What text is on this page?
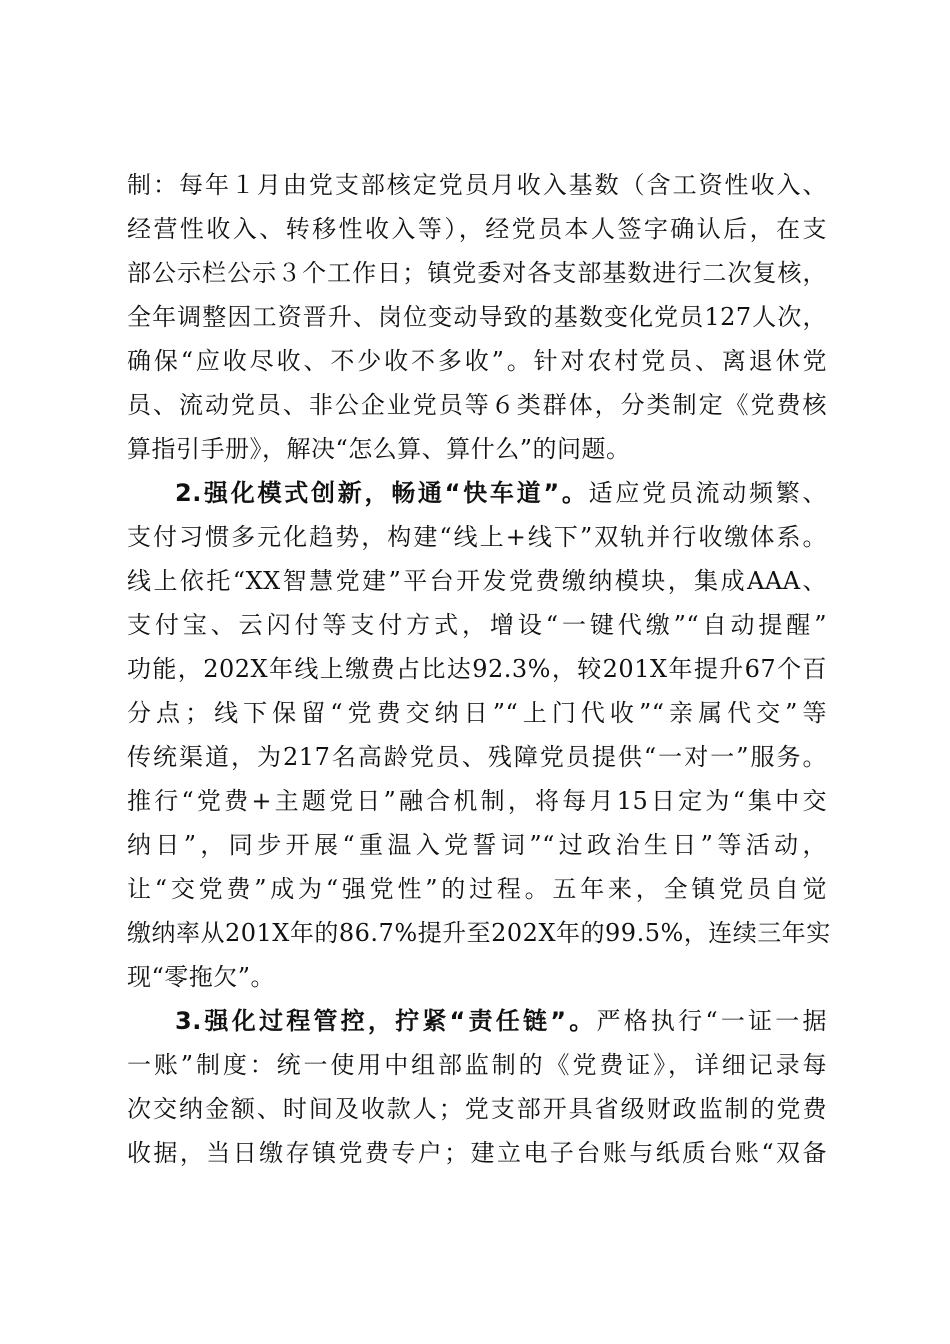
制：每年１月由党支部核定党员月收入基数（含工资性收入、
经营性收入、转移性收入等），经党员本人签字确认后，在支
部公示栏公示３个工作日；镇党委对各支部基数进行二次复核，
全年调整因工资晋升、岗位变动导致的基数变化党员127人次，
确保“应收尽收、不少收不多收”。针对农村党员、离退休党
员、流动党员、非公企业党员等６类群体，分类制定《党费核
算指引手册》，解决“怎么算、算什么”的问题。
2.强化模式创新，畅通“快车道”。适应党员流动频繁、
支付习惯多元化趋势，构建“线上+线下”双轨并行收缴体系。
线上依托“XX智慧党建”平台开发党费缴纳模块，集成AAA、
支付宝、云闪付等支付方式，增设“一键代缴”“自动提醒”
功能，202X年线上缴费占比达92.3%，较201X年提升67个百
分点；线下保留“党费交纳日”“上门代收”“亲属代交”等
传统渠道，为217名高龄党员、残障党员提供“一对一”服务。
推行“党费+主题党日”融合机制，将每月15日定为“集中交
纳日”，同步开展“重温入党誓词”“过政治生日”等活动，
让“交党费”成为“强党性”的过程。五年来，全镇党员自觉
缴纳率从201X年的86.7%提升至202X年的99.5%，连续三年实
现“零拖欠”。
3.强化过程管控，拧紧“责任链”。严格执行“一证一据
一账”制度：统一使用中组部监制的《党费证》，详细记录每
次交纳金额、时间及收款人；党支部开具省级财政监制的党费
收据，当日缴存镇党费专户；建立电子台账与纸质台账“双备
